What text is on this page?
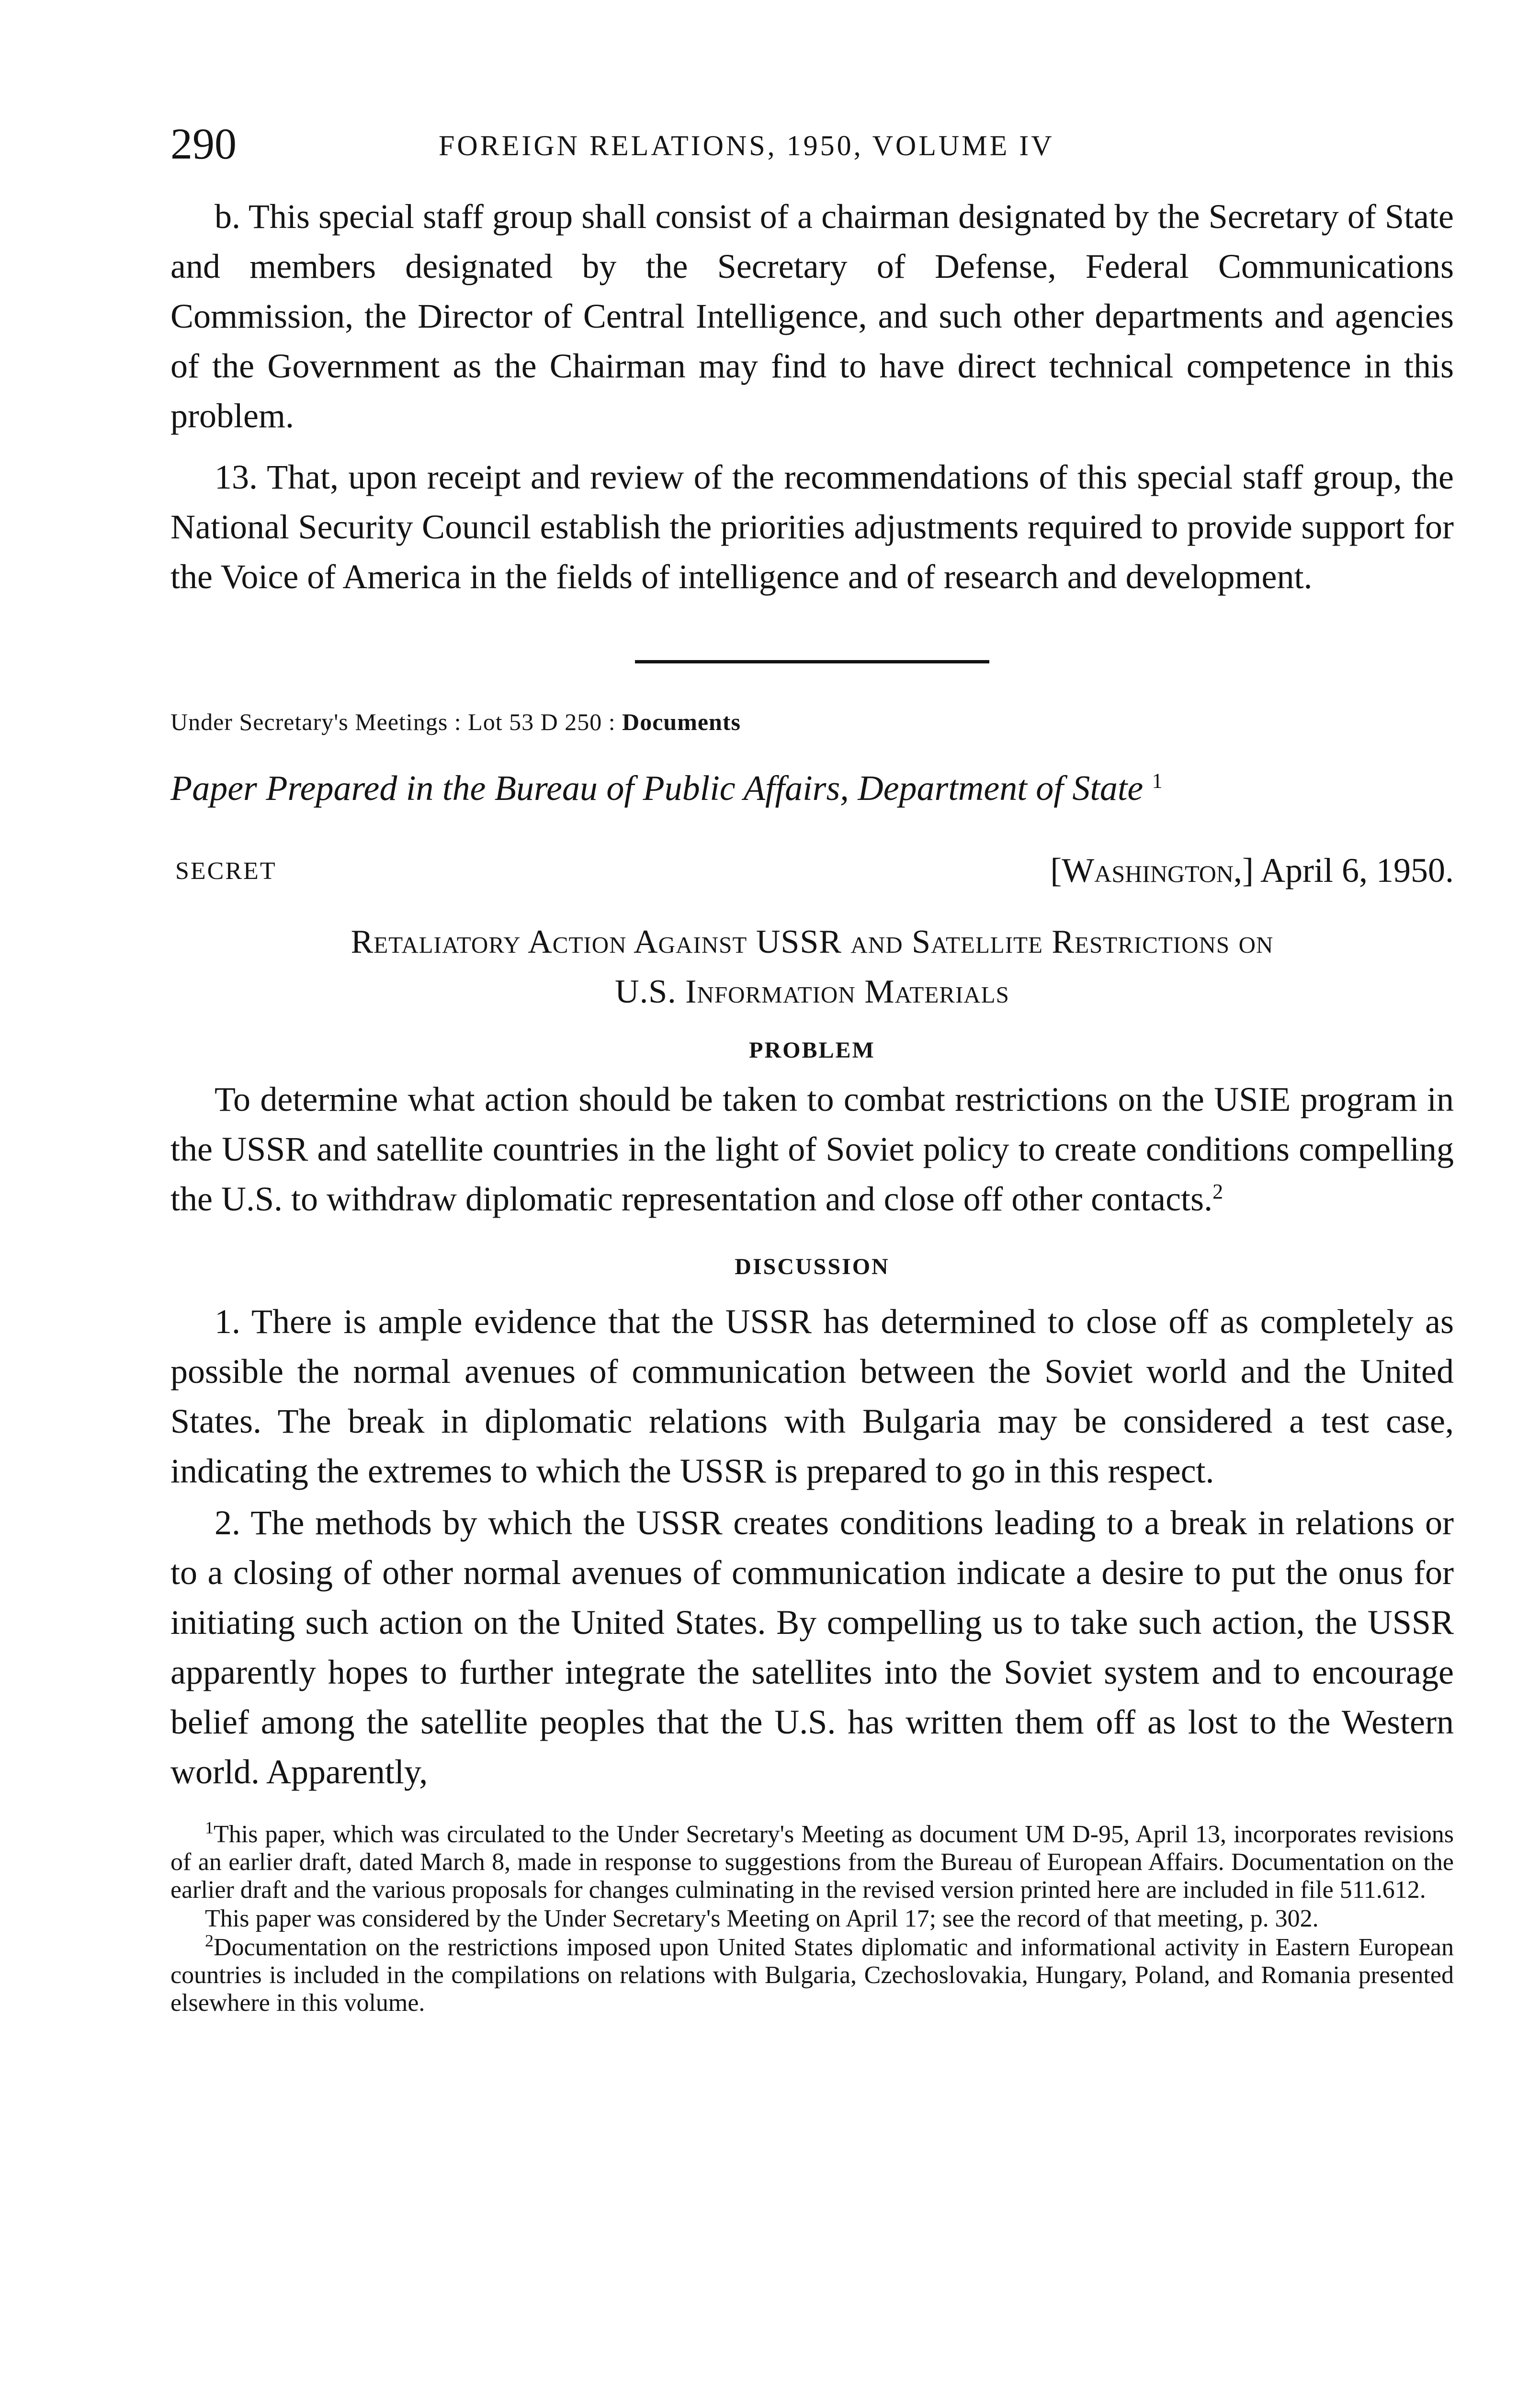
290	FOREIGN RELATIONS, 1950, VOLUME IV

b. This special staff group shall consist of a chairman designated by the Secretary of State and members designated by the Secretary of Defense, Federal Communications Commission, the Director of Central Intelligence, and such other departments and agencies of the Government as the Chairman may find to have direct technical competence in this problem.

13. That, upon receipt and review of the recommendations of this special staff group, the National Security Council establish the priorities adjustments required to provide support for the Voice of America in the fields of intelligence and of research and development.

Under Secretary's Meetings : Lot 53 D 250 : Documents
Paper Prepared in the Bureau of Public Affairs, Department of State $^1$
SECRET	[Washington,] April 6, 1950.
Retaliatory Action Against USSR and Satellite Restrictions on
U.S. Information Materials
PROBLEM

To determine what action should be taken to combat restrictions on the USIE program in the USSR and satellite countries in the light of Soviet policy to create conditions compelling the U.S. to withdraw diplomatic representation and close off other contacts.$^2$

DISCUSSION

1. There is ample evidence that the USSR has determined to close off as completely as possible the normal avenues of communication between the Soviet world and the United States. The break in diplomatic relations with Bulgaria may be considered a test case, indicating the extremes to which the USSR is prepared to go in this respect.

2. The methods by which the USSR creates conditions leading to a break in relations or to a closing of other normal avenues of communication indicate a desire to put the onus for initiating such action on the United States. By compelling us to take such action, the USSR apparently hopes to further integrate the satellites into the Soviet system and to encourage belief among the satellite peoples that the U.S. has written them off as lost to the Western world. Apparently,

$^1$This paper, which was circulated to the Under Secretary's Meeting as document UM D-95, April 13, incorporates revisions of an earlier draft, dated March 8, made in response to suggestions from the Bureau of European Affairs. Documentation on the earlier draft and the various proposals for changes culminating in the revised version printed here are included in file 511.612.

This paper was considered by the Under Secretary's Meeting on April 17; see the record of that meeting, p. 302.

$^2$Documentation on the restrictions imposed upon United States diplomatic and informational activity in Eastern European countries is included in the compilations on relations with Bulgaria, Czechoslovakia, Hungary, Poland, and Romania presented elsewhere in this volume.
